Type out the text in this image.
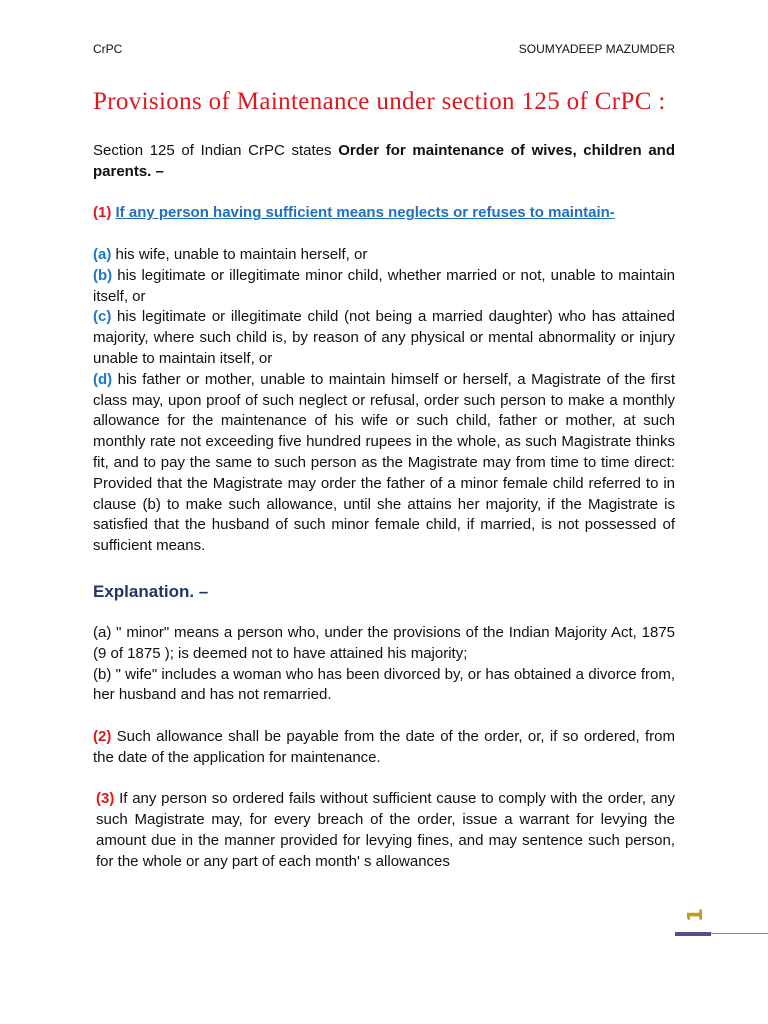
CrPC	SOUMYADEEP MAZUMDER
Provisions of Maintenance under section 125 of CrPC :

Section 125 of Indian CrPC states Order for maintenance of wives, children and parents. –

(1) If any person having sufficient means neglects or refuses to maintain-

(a) his wife, unable to maintain herself, or

(b) his legitimate or illegitimate minor child, whether married or not, unable to maintain itself, or

(c) his legitimate or illegitimate child (not being a married daughter) who has attained majority, where such child is, by reason of any physical or mental abnormality or injury unable to maintain itself, or

(d) his father or mother, unable to maintain himself or herself, a Magistrate of the first class may, upon proof of such neglect or refusal, order such person to make a monthly allowance for the maintenance of his wife or such child, father or mother, at such monthly rate not exceeding five hundred rupees in the whole, as such Magistrate thinks fit, and to pay the same to such person as the Magistrate may from time to time direct: Provided that the Magistrate may order the father of a minor female child referred to in clause (b) to make such allowance, until she attains her majority, if the Magistrate is satisfied that the husband of such minor female child, if married, is not possessed of sufficient means.

Explanation. –

(a) " minor" means a person who, under the provisions of the Indian Majority Act, 1875 (9 of 1875 ); is deemed not to have attained his majority;

(b) " wife" includes a woman who has been divorced by, or has obtained a divorce from, her husband and has not remarried.

(2) Such allowance shall be payable from the date of the order, or, if so ordered, from the date of the application for maintenance.

(3) If any person so ordered fails without sufficient cause to comply with the order, any such Magistrate may, for every breach of the order, issue a warrant for levying the amount due in the manner provided for levying fines, and may sentence such person, for the whole or any part of each month' s allowances

1
